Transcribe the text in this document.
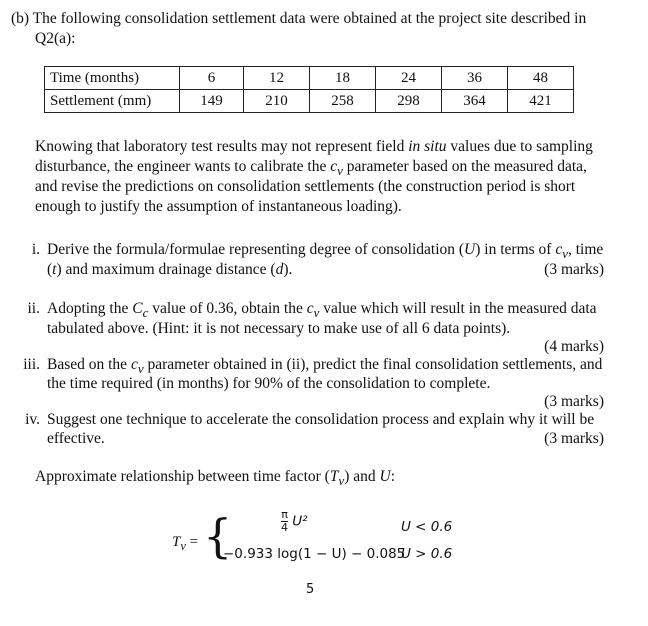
(b) The following consolidation settlement data were obtained at the project site described in
Q2(a):
Time (months)	6	12	18	24	36	48
Settlement (mm)	149	210	258	298	364	421
Knowing that laboratory test results may not represent field in situ values due to sampling
disturbance, the engineer wants to calibrate the $c_v$ parameter based on the measured data,
and revise the predictions on consolidation settlements (the construction period is short
enough to justify the assumption of instantaneous loading).
i. Derive the formula/formulae representing degree of consolidation (U) in terms of $c_v$, time
(t) and maximum drainage distance (d).	(3 marks)
ii. Adopting the $C_c$ value of 0.36, obtain the $c_v$ value which will result in the measured data
tabulated above. (Hint: it is not necessary to make use of all 6 data points).
(4 marks)
iii. Based on the $c_v$ parameter obtained in (ii), predict the final consolidation settlements, and
the time required (in months) for 90% of the consolidation to complete.
(3 marks)
iv. Suggest one technique to accelerate the consolidation process and explain why it will be
effective.	(3 marks)
Approximate relationship between time factor $(T_v)$ and U:
$T_v$ = {	$\frac{\pi}{4} U^2$	U < 0.6
−0.933 log(1 − U) − 0.085
U > 0.6
5
